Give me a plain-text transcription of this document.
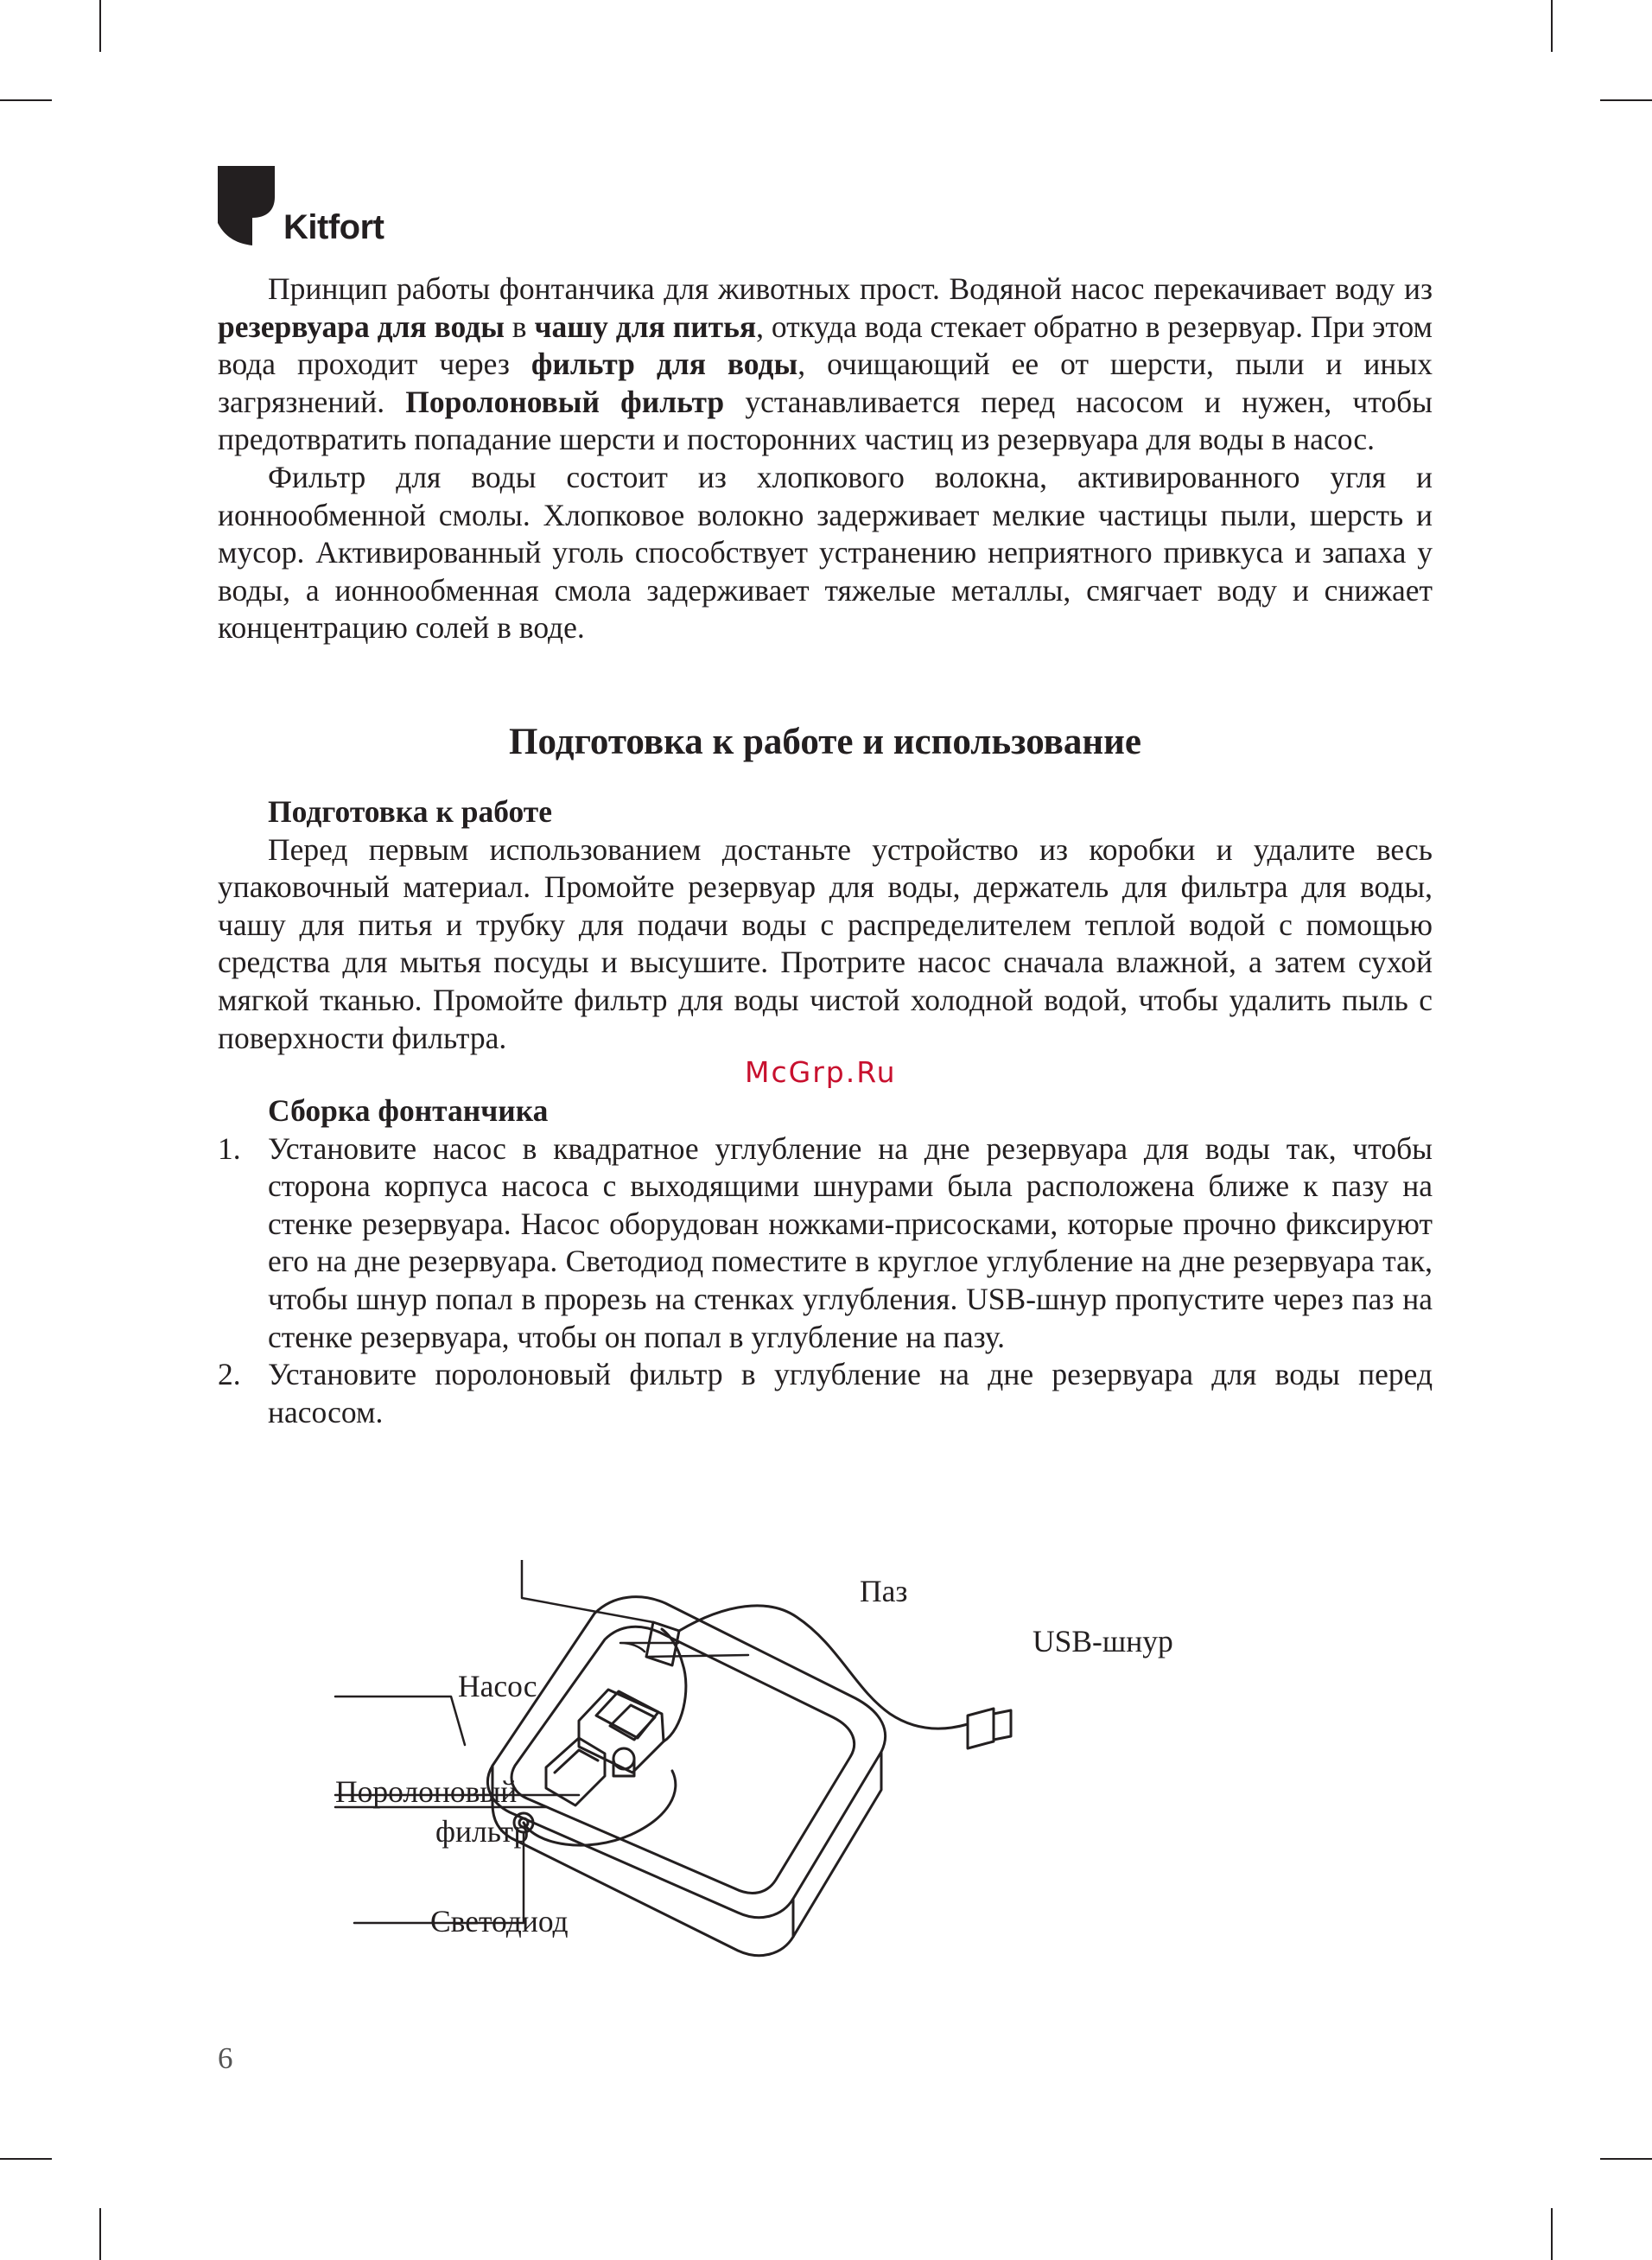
Kitfort

Принцип работы фонтанчика для животных прост. Водяной насос перекачивает воду из резервуара для воды в чашу для питья, откуда вода стекает обратно в резервуар. При этом вода проходит через фильтр для воды, очищающий ее от шерсти, пыли и иных загрязнений. Поролоновый фильтр устанавливается перед насосом и нужен, чтобы предотвратить попадание шерсти и посторонних частиц из резервуара для воды в насос.

Фильтр для воды состоит из хлопкового волокна, активированного угля и ионнообменной смолы. Хлопковое волокно задерживает мелкие частицы пыли, шерсть и мусор. Активированный уголь способствует устранению неприятного привкуса и запаха у воды, а ионнообменная смола задерживает тяжелые металлы, смягчает воду и снижает концентрацию солей в воде.

Подготовка к работе и использование

Подготовка к работе

Перед первым использованием достаньте устройство из коробки и удалите весь упаковочный материал. Промойте резервуар для воды, держатель для фильтра для воды, чашу для питья и трубку для подачи воды с распределителем теплой водой с помощью средства для мытья посуды и высушите. Протрите насос сначала влажной, а затем сухой мягкой тканью. Промойте фильтр для воды чистой холодной водой, чтобы удалить пыль с поверхности фильтра.

McGrp.Ru

Сборка фонтанчика

1. Установите насос в квадратное углубление на дне резервуара для воды так, чтобы сторона корпуса насоса с выходящими шнурами была расположена ближе к пазу на стенке резервуара. Насос оборудован ножками-присосками, которые прочно фиксируют его на дне резервуара. Светодиод поместите в круглое углубление на дне резервуара так, чтобы шнур попал в прорезь на стенках углубления. USB-шнур пропустите через паз на стенке резервуара, чтобы он попал в углубление на пазу.
2. Установите поролоновый фильтр в углубление на дне резервуара для воды перед насосом.
Паз
USB-шнур
Насос
Поролоновый
фильтр
Светодиод
6
